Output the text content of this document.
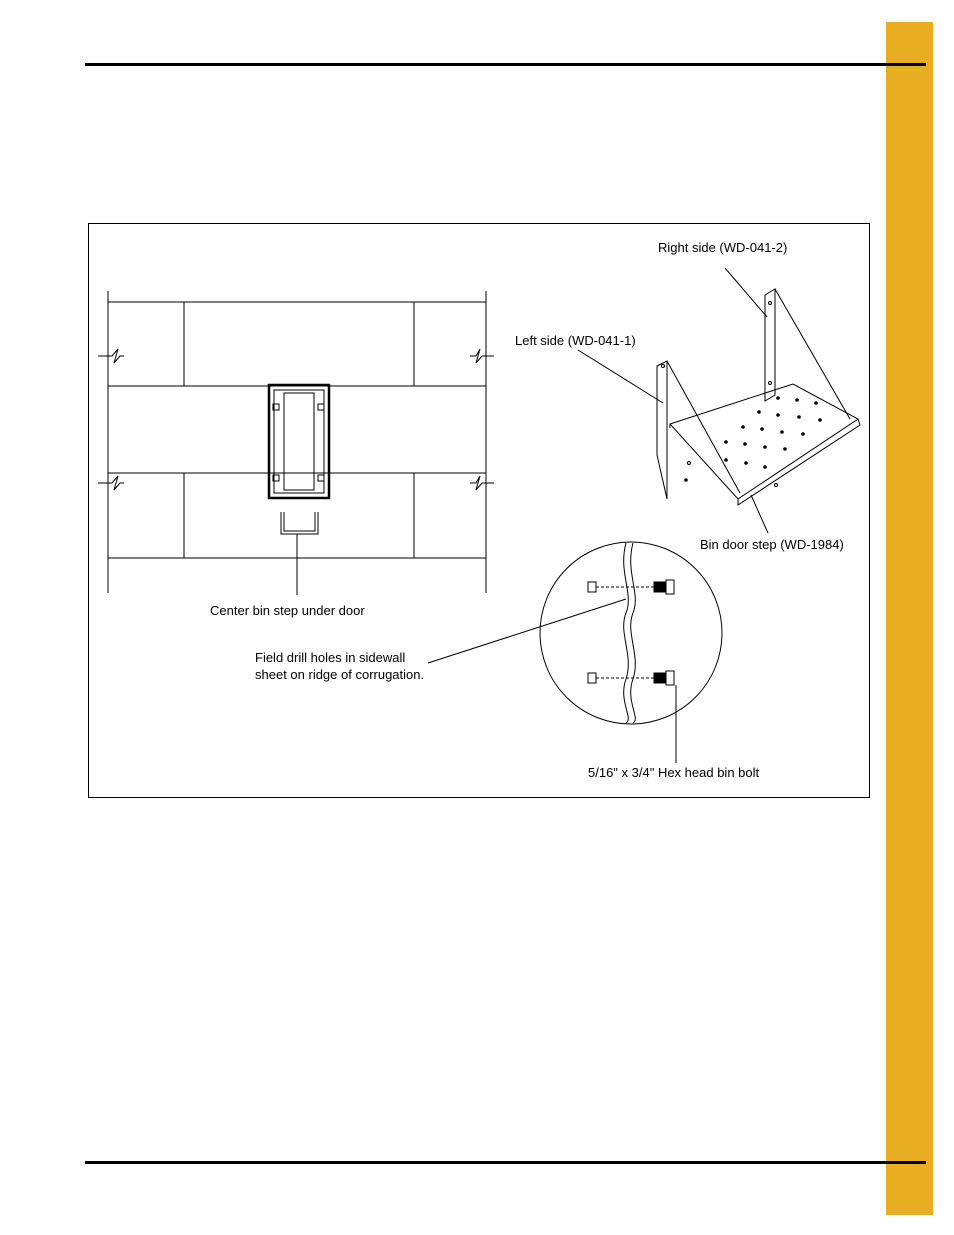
Right side (WD-041-2)
Left side (WD-041-1)
Bin door step (WD-1984)
Center bin step under door
Field drill holes in sidewall
sheet on ridge of corrugation.
5/16" x 3/4" Hex head bin bolt
